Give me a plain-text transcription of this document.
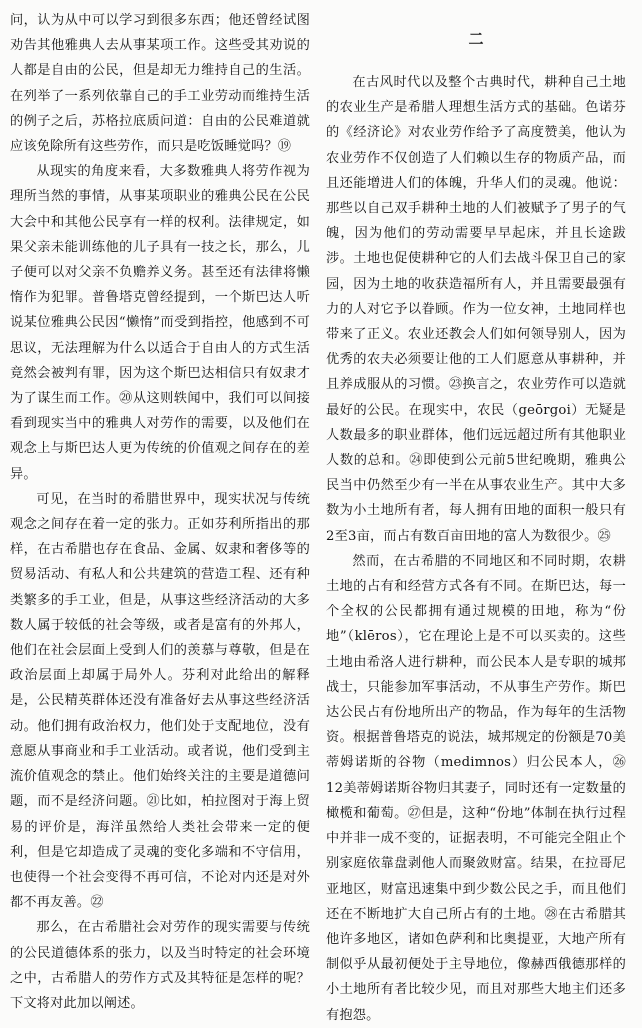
问，认为从中可以学习到很多东西；他还曾经试图劝告其他雅典人去从事某项工作。这些受其劝说的人都是自由的公民，但是却无力维持自己的生活。在列举了一系列依靠自己的手工业劳动而维持生活的例子之后，苏格拉底质问道：自由的公民难道就应该免除所有这些劳作，而只是吃饭睡觉吗？⑲

从现实的角度来看，大多数雅典人将劳作视为理所当然的事情，从事某项职业的雅典公民在公民大会中和其他公民享有一样的权利。法律规定，如果父亲未能训练他的儿子具有一技之长，那么，儿子便可以对父亲不负赡养义务。甚至还有法律将懒惰作为犯罪。普鲁塔克曾经提到，一个斯巴达人听说某位雅典公民因“懒惰”而受到指控，他感到不可思议，无法理解为什么以适合于自由人的方式生活竟然会被判有罪，因为这个斯巴达相信只有奴隶才为了谋生而工作。⑳从这则轶闻中，我们可以间接看到现实当中的雅典人对劳作的需要，以及他们在观念上与斯巴达人更为传统的价值观之间存在的差异。

可见，在当时的希腊世界中，现实状况与传统观念之间存在着一定的张力。正如芬利所指出的那样，在古希腊也存在食品、金属、奴隶和奢侈等的贸易活动、有私人和公共建筑的营造工程、还有种类繁多的手工业，但是，从事这些经济活动的大多数人属于较低的社会等级，或者是富有的外邦人，他们在社会层面上受到人们的羡慕与尊敬，但是在政治层面上却属于局外人。芬利对此给出的解释是，公民精英群体还没有准备好去从事这些经济活动。他们拥有政治权力，他们处于支配地位，没有意愿从事商业和手工业活动。或者说，他们受到主流价值观念的禁止。他们始终关注的主要是道德问题，而不是经济问题。㉑比如，柏拉图对于海上贸易的评价是，海洋虽然给人类社会带来一定的便利，但是它却造成了灵魂的变化多端和不守信用，也使得一个社会变得不再可信，不论对内还是对外都不再友善。㉒

那么，在古希腊社会对劳作的现实需要与传统的公民道德体系的张力，以及当时特定的社会环境之中，古希腊人的劳作方式及其特征是怎样的呢？下文将对此加以阐述。

二

在古风时代以及整个古典时代，耕种自己土地的农业生产是希腊人理想生活方式的基础。色诺芬的《经济论》对农业劳作给予了高度赞美，他认为农业劳作不仅创造了人们赖以生存的物质产品，而且还能增进人们的体魄，升华人们的灵魂。他说：那些以自己双手耕种土地的人们被赋予了男子的气魄，因为他们的劳动需要早早起床，并且长途跋涉。土地也促使耕种它的人们去战斗保卫自己的家园，因为土地的收获造福所有人，并且需要最强有力的人对它予以眷顾。作为一位女神，土地同样也带来了正义。农业还教会人们如何领导别人，因为优秀的农夫必须要让他的工人们愿意从事耕种，并且养成服从的习惯。㉓换言之，农业劳作可以造就最好的公民。在现实中，农民（geōrgoi）无疑是人数最多的职业群体，他们远远超过所有其他职业人数的总和。㉔即使到公元前5世纪晚期，雅典公民当中仍然至少有一半在从事农业生产。其中大多数为小土地所有者，每人拥有田地的面积一般只有2至3亩，而占有数百亩田地的富人为数很少。㉕

然而，在古希腊的不同地区和不同时期，农耕土地的占有和经营方式各有不同。在斯巴达，每一个全权的公民都拥有通过规模的田地，称为“份地”（klēros），它在理论上是不可以买卖的。这些土地由希洛人进行耕种，而公民本人是专职的城邦战士，只能参加军事活动，不从事生产劳作。斯巴达公民占有份地所出产的物品，作为每年的生活物资。根据普鲁塔克的说法，城邦规定的份额是70美蒂姆诺斯的谷物（medimnos）归公民本人，㉖12美蒂姆诺斯谷物归其妻子，同时还有一定数量的橄榄和葡萄。㉗但是，这种“份地”体制在执行过程中并非一成不变的，证据表明，不可能完全阻止个别家庭依靠盘剥他人而聚敛财富。结果，在拉哥尼亚地区，财富迅速集中到少数公民之手，而且他们还在不断地扩大自己所占有的土地。㉘在古希腊其他许多地区，诸如色萨利和比奥提亚，大地产所有制似乎从最初便处于主导地位，像赫西俄德那样的小土地所有者比较少见，而且对那些大地主们还多有抱怨。
